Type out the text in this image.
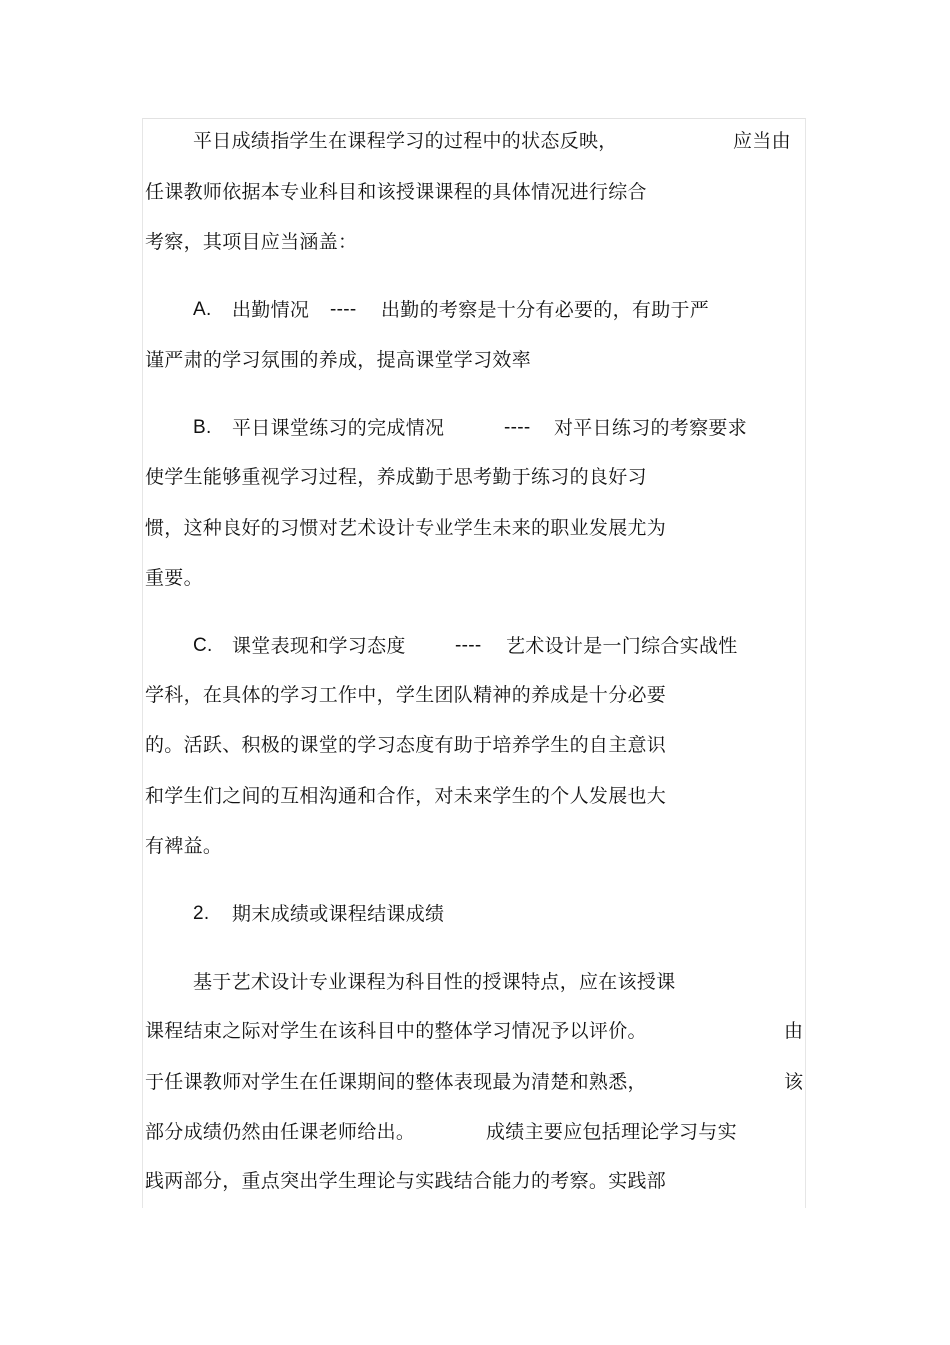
平日成绩指学生在课程学习的过程中的状态反映，	应当由
任课教师依据本专业科目和该授课课程的具体情况进行综合
考察，其项目应当涵盖：
A. 出勤情况 ---- 出勤的考察是十分有必要的，有助于严
谨严肃的学习氛围的养成，提高课堂学习效率
B. 平日课堂练习的完成情况	---- 对平日练习的考察要求
使学生能够重视学习过程，养成勤于思考勤于练习的良好习
惯，这种良好的习惯对艺术设计专业学生未来的职业发展尤为
重要。
C. 课堂表现和学习态度	---- 艺术设计是一门综合实战性
学科，在具体的学习工作中，学生团队精神的养成是十分必要
的。活跃、积极的课堂的学习态度有助于培养学生的自主意识
和学生们之间的互相沟通和合作，对未来学生的个人发展也大
有裨益。
2. 期末成绩或课程结课成绩
基于艺术设计专业课程为科目性的授课特点，应在该授课
课程结束之际对学生在该科目中的整体学习情况予以评价。	由
于任课教师对学生在任课期间的整体表现最为清楚和熟悉，	该
部分成绩仍然由任课老师给出。	成绩主要应包括理论学习与实
践两部分，重点突出学生理论与实践结合能力的考察。实践部
